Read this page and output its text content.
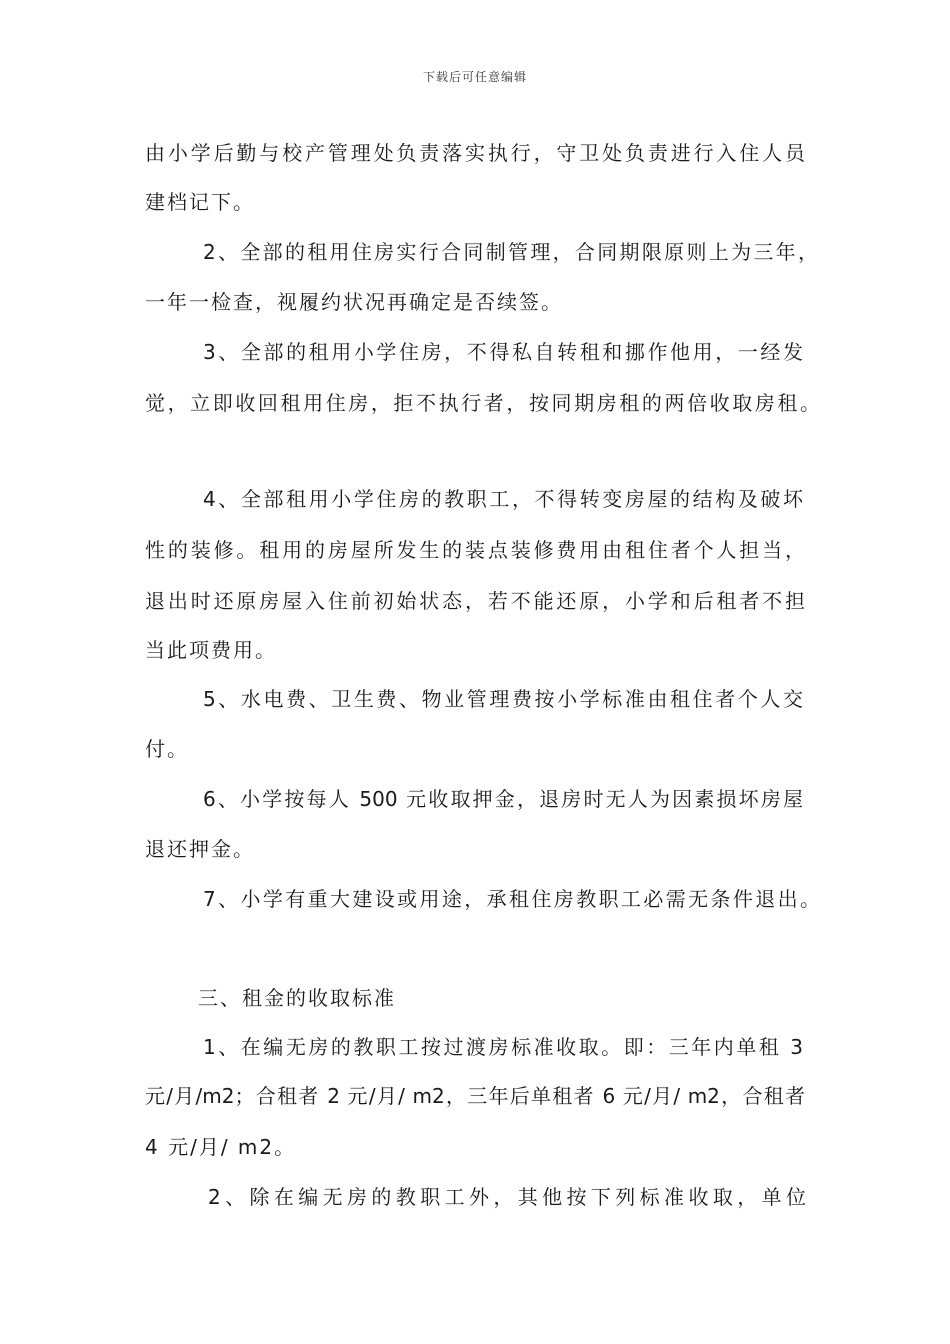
下载后可任意编辑
由小学后勤与校产管理处负责落实执行，守卫处负责进行入住人员
建档记下。
2、全部的租用住房实行合同制管理，合同期限原则上为三年，
一年一检查，视履约状况再确定是否续签。
3、全部的租用小学住房，不得私自转租和挪作他用，一经发
觉，立即收回租用住房，拒不执行者，按同期房租的两倍收取房租。
4、全部租用小学住房的教职工，不得转变房屋的结构及破坏
性的装修。租用的房屋所发生的装点装修费用由租住者个人担当，
退出时还原房屋入住前初始状态，若不能还原，小学和后租者不担
当此项费用。
5、水电费、卫生费、物业管理费按小学标准由租住者个人交
付。
6、小学按每人 500 元收取押金，退房时无人为因素损坏房屋
退还押金。
7、小学有重大建设或用途，承租住房教职工必需无条件退出。
三、租金的收取标准
1、在编无房的教职工按过渡房标准收取。即：三年内单租 3
元/月/m2；合租者 2 元/月/ m2，三年后单租者 6 元/月/ m2，合租者
4 元/月/ m2。
2、除在编无房的教职工外，其他按下列标准收取，单位
